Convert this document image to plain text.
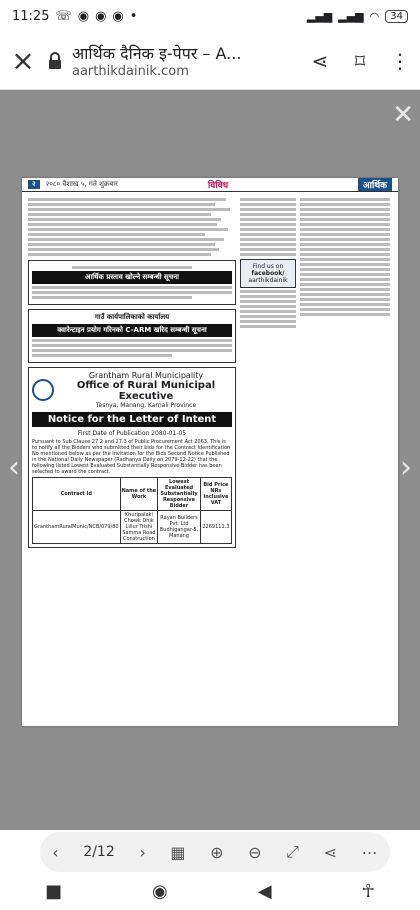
11:25 ☏ ◉ ◉ ◉ •	▂▄▆ ▂▄▆ ◠	34
×	आर्थिक दैनिक इ-पेपर – A...
aarthikdainik.com	⋖	⌑	⋮
✕
‹	›
२	२०८० वैशाख ५, गते शुक्रबार	विविध	आर्थिक
आर्थिक प्रस्ताव खोल्ने सम्बन्धी सूचना
गाउँ कार्यपालिकाको कार्यालय
क्वारेन्टाइन प्रयोग गरिनको C-ARM खरिद सम्बन्धी सूचना
Grantham Rural Municipality
Office of Rural Municipal Executive
Tesnya, Manang, Karnali Province
Notice for the Letter of Intent
First Date of Publication 2080-01-05
Pursuant to Sub Clause 27.2 and 27.3 of Public Procurement Act 2063, This is to notify all the Bidders who submitted their bids for the Contract Identification No mentioned below as per the Invitation for the Bids Second Notice Published in the National Daily Newspaper (Radhanya Daily on 2079-12-22) that the following listed Lowest Evaluated Substantially Responsive Bidder has been selected to award the contract.
Contract Id	Name of the Work	Lowest Evaluated Substantially Responsive Bidder	Bid Price NRs Inclusive VAT
GranthamRuralMunic/NCB/079/80	Khuripalaki Chowk Dhik Lillur Trishi Samma Road Construction	Rayan Builders Pvt. Ltd Budhigangar-5, Manang	2269111.3
Find us on
facebook/
aarthikdainik
‹ 2/12 › ▦ ⊕ ⊖ ⤢ ⋖ ⋯
■	◉	◀	☥
